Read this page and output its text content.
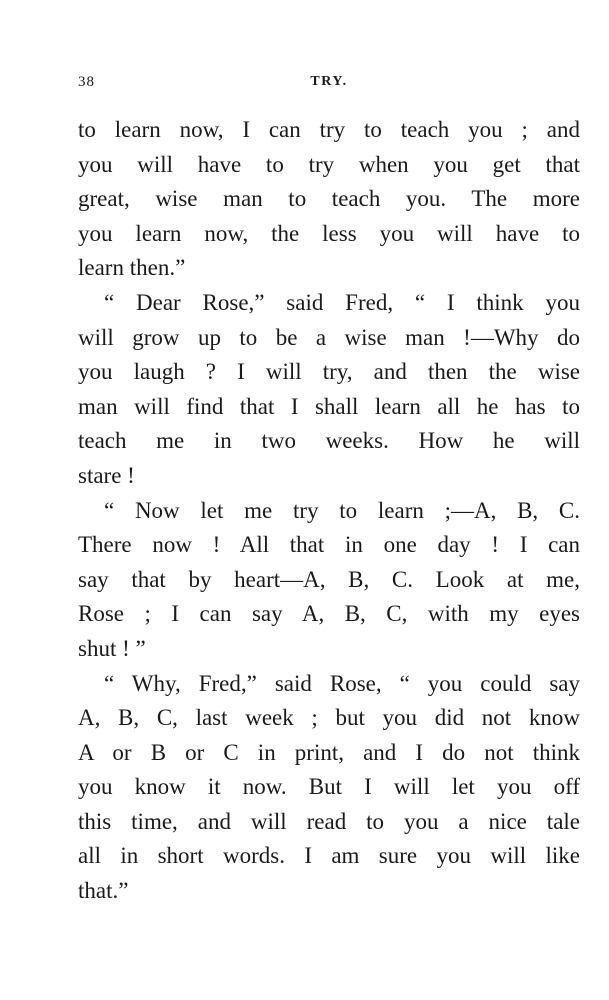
38	TRY.
to learn now, I can try to teach you ; and
you will have to try when you get that
great, wise man to teach you. The more
you learn now, the less you will have to
learn then.”
“ Dear Rose,” said Fred, “ I think you
will grow up to be a wise man !—Why do
you laugh ? I will try, and then the wise
man will find that I shall learn all he has to
teach me in two weeks. How he will
stare !
“ Now let me try to learn ;—A, B, C.
There now ! All that in one day ! I can
say that by heart—A, B, C. Look at me,
Rose ; I can say A, B, C, with my eyes
shut ! ”
“ Why, Fred,” said Rose, “ you could say
A, B, C, last week ; but you did not know
A or B or C in print, and I do not think
you know it now. But I will let you off
this time, and will read to you a nice tale
all in short words. I am sure you will like
that.”
